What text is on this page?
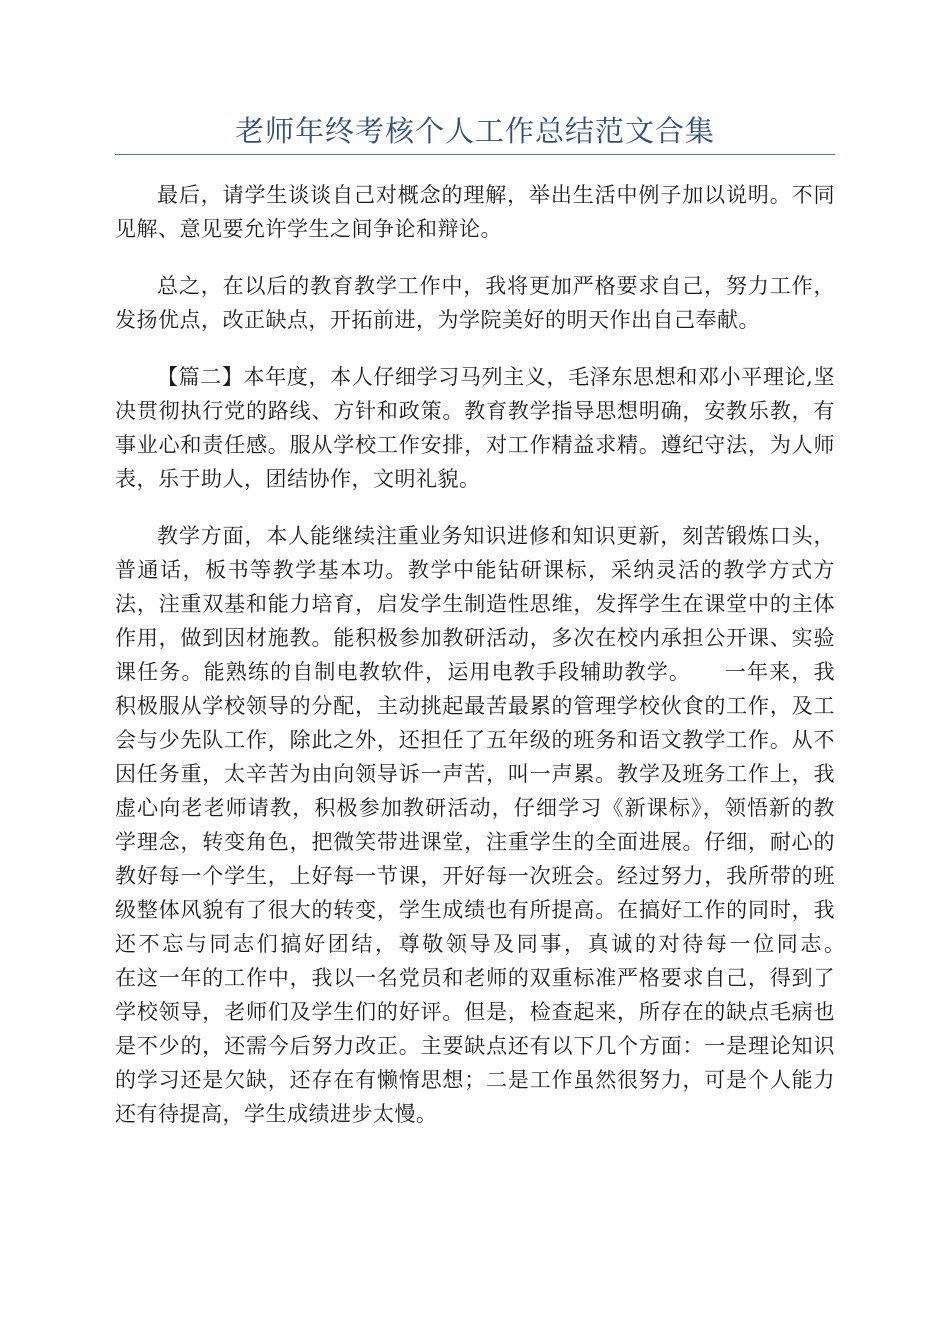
老师年终考核个人工作总结范文合集

最后，请学生谈谈自己对概念的理解，举出生活中例子加以说明。不同见解、意见要允许学生之间争论和辩论。

总之，在以后的教育教学工作中，我将更加严格要求自己，努力工作，发扬优点，改正缺点，开拓前进，为学院美好的明天作出自己奉献。

【篇二】本年度，本人仔细学习马列主义，毛泽东思想和邓小平理论,坚决贯彻执行党的路线、方针和政策。教育教学指导思想明确，安教乐教，有事业心和责任感。服从学校工作安排，对工作精益求精。遵纪守法，为人师表，乐于助人，团结协作，文明礼貌。

教学方面，本人能继续注重业务知识进修和知识更新，刻苦锻炼口头，普通话，板书等教学基本功。教学中能钻研课标，采纳灵活的教学方式方法，注重双基和能力培育，启发学生制造性思维，发挥学生在课堂中的主体作用，做到因材施教。能积极参加教研活动，多次在校内承担公开课、实验课任务。能熟练的自制电教软件，运用电教手段辅助教学。　　一年来，我积极服从学校领导的分配，主动挑起最苦最累的管理学校伙食的工作，及工会与少先队工作，除此之外，还担任了五年级的班务和语文教学工作。从不因任务重，太辛苦为由向领导诉一声苦，叫一声累。教学及班务工作上，我虚心向老老师请教，积极参加教研活动，仔细学习《新课标》，领悟新的教学理念，转变角色，把微笑带进课堂，注重学生的全面进展。仔细，耐心的教好每一个学生，上好每一节课，开好每一次班会。经过努力，我所带的班级整体风貌有了很大的转变，学生成绩也有所提高。在搞好工作的同时，我还不忘与同志们搞好团结，尊敬领导及同事，真诚的对待每一位同志。　　在这一年的工作中，我以一名党员和老师的双重标准严格要求自己，得到了学校领导，老师们及学生们的好评。但是，检查起来，所存在的缺点毛病也是不少的，还需今后努力改正。主要缺点还有以下几个方面：一是理论知识的学习还是欠缺，还存在有懒惰思想；二是工作虽然很努力，可是个人能力还有待提高，学生成绩进步太慢。
